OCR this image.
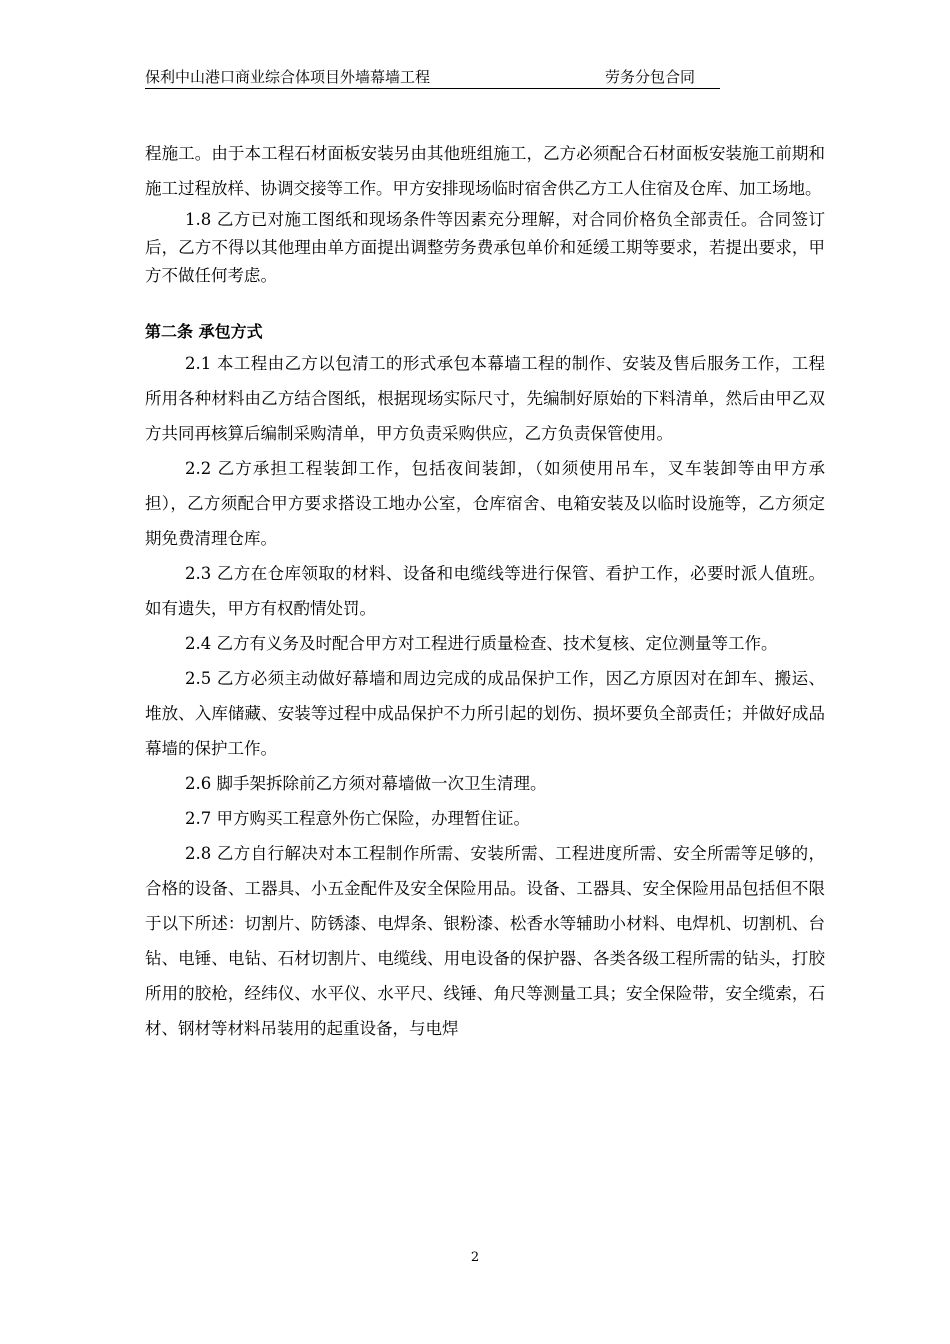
保利中山港口商业综合体项目外墙幕墙工程	劳务分包合同

程施工。由于本工程石材面板安装另由其他班组施工，乙方必须配合石材面板安装施工前期和施工过程放样、协调交接等工作。甲方安排现场临时宿舍供乙方工人住宿及仓库、加工场地。

1.8 乙方已对施工图纸和现场条件等因素充分理解，对合同价格负全部责任。合同签订后，乙方不得以其他理由单方面提出调整劳务费承包单价和延缓工期等要求，若提出要求，甲方不做任何考虑。

第二条 承包方式

2.1 本工程由乙方以包清工的形式承包本幕墙工程的制作、安装及售后服务工作，工程所用各种材料由乙方结合图纸，根据现场实际尺寸，先编制好原始的下料清单，然后由甲乙双方共同再核算后编制采购清单，甲方负责采购供应，乙方负责保管使用。

2.2 乙方承担工程装卸工作，包括夜间装卸，（如须使用吊车，叉车装卸等由甲方承担），乙方须配合甲方要求搭设工地办公室，仓库宿舍、电箱安装及以临时设施等，乙方须定期免费清理仓库。

2.3 乙方在仓库领取的材料、设备和电缆线等进行保管、看护工作，必要时派人值班。如有遗失，甲方有权酌情处罚。

2.4 乙方有义务及时配合甲方对工程进行质量检查、技术复核、定位测量等工作。

2.5 乙方必须主动做好幕墙和周边完成的成品保护工作，因乙方原因对在卸车、搬运、堆放、入库储藏、安装等过程中成品保护不力所引起的划伤、损坏要负全部责任；并做好成品幕墙的保护工作。

2.6 脚手架拆除前乙方须对幕墙做一次卫生清理。

2.7 甲方购买工程意外伤亡保险，办理暂住证。

2.8 乙方自行解决对本工程制作所需、安装所需、工程进度所需、安全所需等足够的，合格的设备、工器具、小五金配件及安全保险用品。设备、工器具、安全保险用品包括但不限于以下所述：切割片、防锈漆、电焊条、银粉漆、松香水等辅助小材料、电焊机、切割机、台钻、电锤、电钻、石材切割片、电缆线、用电设备的保护器、各类各级工程所需的钻头，打胶所用的胶枪，经纬仪、水平仪、水平尺、线锤、角尺等测量工具；安全保险带，安全缆索，石材、钢材等材料吊装用的起重设备，与电焊

2
